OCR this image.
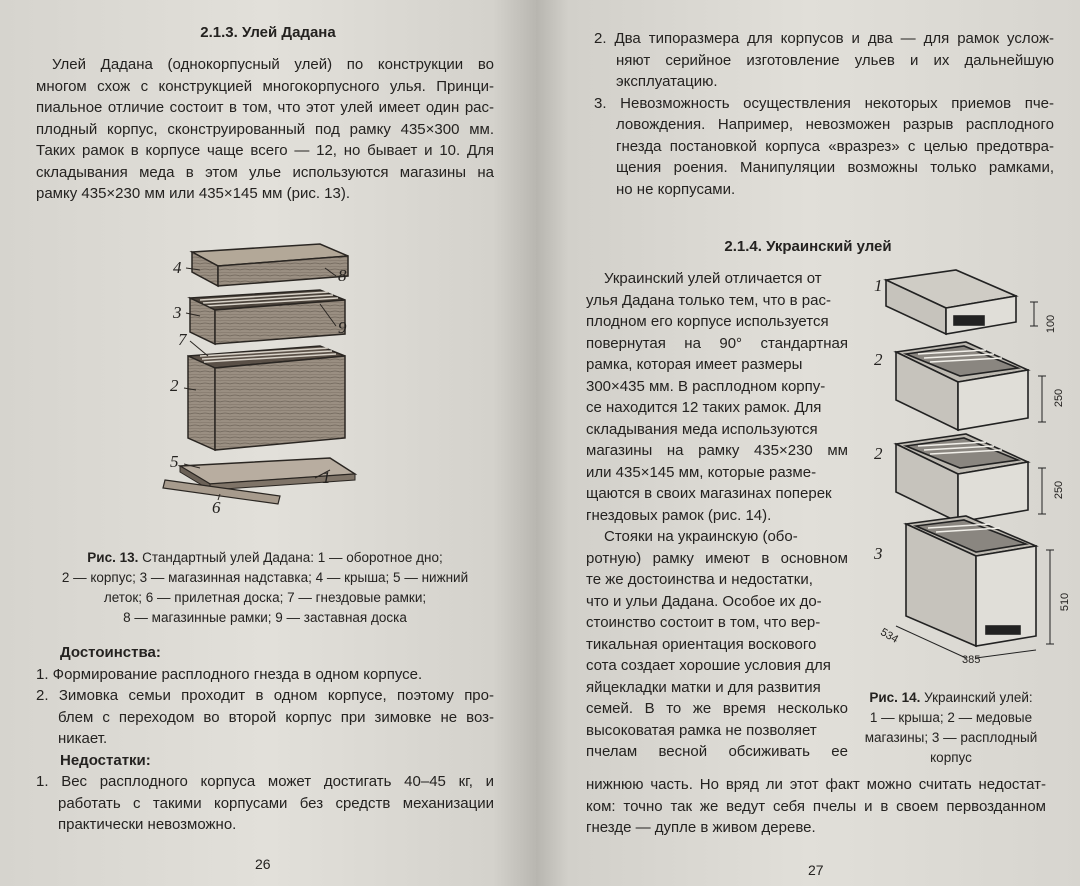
2.1.3. Улей Дадана
Улей Дадана (однокорпусный улей) по конструкции во
многом схож с конструкцией многокорпусного улья. Принци-
пиальное отличие состоит в том, что этот улей имеет один рас-
плодный корпус, сконструированный под рамку 435×300 мм.
Таких рамок в корпусе чаще всего — 12, но бывает и 10. Для
складывания меда в этом улье используются магазины на
рамку 435×230 мм или 435×145 мм (рис. 13).
4	8
3
9
7
2
5
1
6
Рис. 13. Стандартный улей Дадана: 1 — оборотное дно;
2 — корпус; 3 — магазинная надставка; 4 — крыша; 5 — нижний
леток; 6 — прилетная доска; 7 — гнездовые рамки;
8 — магазинные рамки; 9 — заставная доска
Достоинства:
1. Формирование расплодного гнезда в одном корпусе.
2. Зимовка семьи проходит в одном корпусе, поэтому про-
блем с переходом во второй корпус при зимовке не воз-
никает.
Недостатки:
1. Вес расплодного корпуса может достигать 40–45 кг, и
работать с такими корпусами без средств механизации
практически невозможно.
26
2. Два типоразмера для корпусов и два — для рамок услож-
няют серийное изготовление ульев и их дальнейшую
эксплуатацию.
3. Невозможность осуществления некоторых приемов пче-
ловождения. Например, невозможен разрыв расплодного
гнезда постановкой корпуса «вразрез» с целью предотвра-
щения роения. Манипуляции возможны только рамками,
но не корпусами.
2.1.4. Украинский улей
Украинский улей отличается от
улья Дадана только тем, что в рас-
плодном его корпусе используется
повернутая на 90° стандартная
рамка, которая имеет размеры
300×435 мм. В расплодном корпу-
се находится 12 таких рамок. Для
складывания меда используются
магазины на рамку 435×230 мм
или 435×145 мм, которые разме-
щаются в своих магазинах поперек
гнездовых рамок (рис. 14).
Стояки на украинскую (обо-
ротную) рамку имеют в основном
те же достоинства и недостатки,
что и ульи Дадана. Особое их до-
стоинство состоит в том, что вер-
тикальная ориентация воскового
сота создает хорошие условия для
яйцекладки матки и для развития
семей. В то же время несколько
высоковатая рамка не позволяет
пчелам весной обсиживать ее
нижнюю часть. Но вряд ли этот факт можно считать недостат-
ком: точно так же ведут себя пчелы и в своем первозданном
гнезде — дупле в живом дереве.
1
2
2
3
100
250
250
510
534
385
Рис. 14. Украинский улей:
1 — крыша; 2 — медовые
магазины; 3 — расплодный
корпус
27
